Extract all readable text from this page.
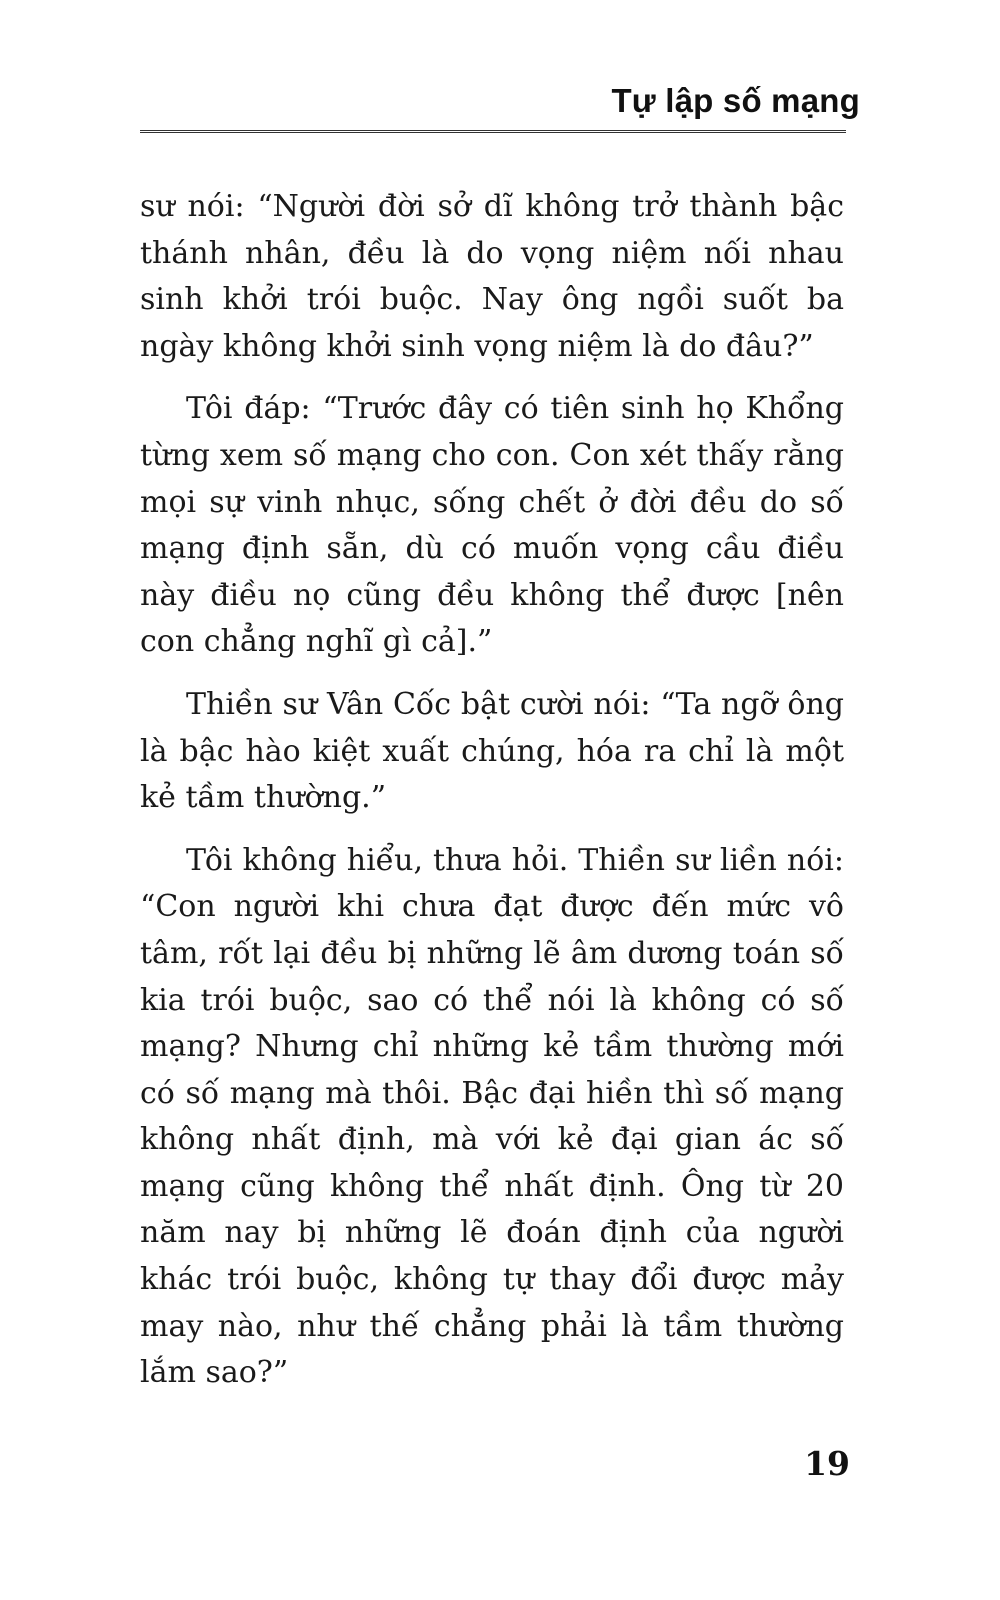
Tự lập số mạng

sư nói: “Người đời sở dĩ không trở thành bậc thánh nhân, đều là do vọng niệm nối nhau sinh khởi trói buộc. Nay ông ngồi suốt ba ngày không khởi sinh vọng niệm là do đâu?”

Tôi đáp: “Trước đây có tiên sinh họ Khổng từng xem số mạng cho con. Con xét thấy rằng mọi sự vinh nhục, sống chết ở đời đều do số mạng định sẵn, dù có muốn vọng cầu điều này điều nọ cũng đều không thể được [nên con chẳng nghĩ gì cả].”

Thiền sư Vân Cốc bật cười nói: “Ta ngỡ ông là bậc hào kiệt xuất chúng, hóa ra chỉ là một kẻ tầm thường.”

Tôi không hiểu, thưa hỏi. Thiền sư liền nói: “Con người khi chưa đạt được đến mức vô tâm, rốt lại đều bị những lẽ âm dương toán số kia trói buộc, sao có thể nói là không có số mạng? Nhưng chỉ những kẻ tầm thường mới có số mạng mà thôi. Bậc đại hiền thì số mạng không nhất định, mà với kẻ đại gian ác số mạng cũng không thể nhất định. Ông từ 20 năm nay bị những lẽ đoán định của người khác trói buộc, không tự thay đổi được mảy may nào, như thế chẳng phải là tầm thường lắm sao?”

19
